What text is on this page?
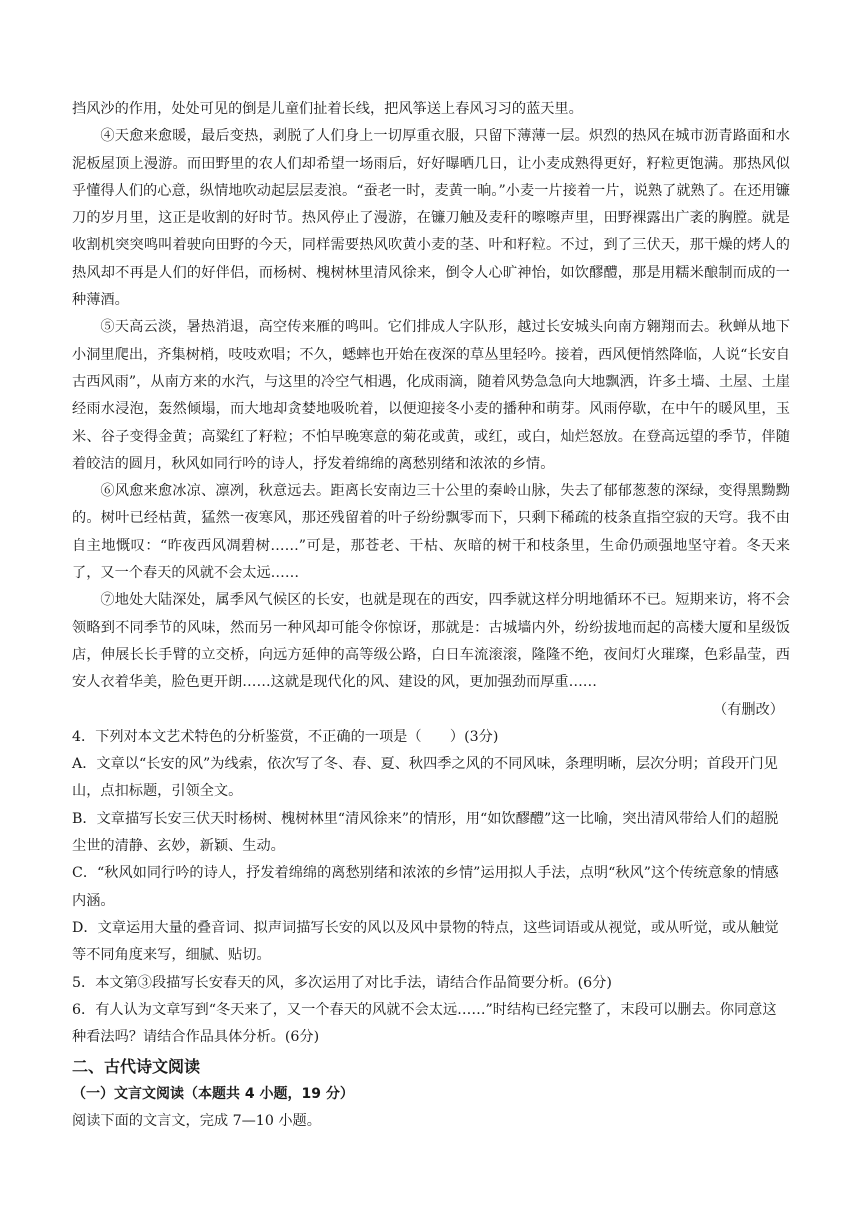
挡风沙的作用，处处可见的倒是儿童们扯着长线，把风筝送上春风习习的蓝天里。

④天愈来愈暖，最后变热，剥脱了人们身上一切厚重衣服，只留下薄薄一层。炽烈的热风在城市沥青路面和水泥板屋顶上漫游。而田野里的农人们却希望一场雨后，好好曝晒几日，让小麦成熟得更好，籽粒更饱满。那热风似乎懂得人们的心意，纵情地吹动起层层麦浪。“蚕老一时，麦黄一晌。”小麦一片接着一片，说熟了就熟了。在还用镰刀的岁月里，这正是收割的好时节。热风停止了漫游，在镰刀触及麦秆的嚓嚓声里，田野裸露出广袤的胸膛。就是收割机突突鸣叫着驶向田野的今天，同样需要热风吹黄小麦的茎、叶和籽粒。不过，到了三伏天，那干燥的烤人的热风却不再是人们的好伴侣，而杨树、槐树林里清风徐来，倒令人心旷神怡，如饮醪醴，那是用糯米酿制而成的一种薄酒。

⑤天高云淡，暑热消退，高空传来雁的鸣叫。它们排成人字队形，越过长安城头向南方翱翔而去。秋蝉从地下小洞里爬出，齐集树梢，吱吱欢唱；不久，蟋蟀也开始在夜深的草丛里轻吟。接着，西风便悄然降临，人说“长安自古西风雨”，从南方来的水汽，与这里的冷空气相遇，化成雨滴，随着风势急急向大地飘洒，许多土墙、土屋、土崖经雨水浸泡，轰然倾塌，而大地却贪婪地吸吮着，以便迎接冬小麦的播种和萌芽。风雨停歇，在中午的暖风里，玉米、谷子变得金黄；高粱红了籽粒；不怕早晚寒意的菊花或黄，或红，或白，灿烂怒放。在登高远望的季节，伴随着皎洁的圆月，秋风如同行吟的诗人，抒发着绵绵的离愁别绪和浓浓的乡情。

⑥风愈来愈冰凉、凛冽，秋意远去。距离长安南边三十公里的秦岭山脉，失去了郁郁葱葱的深绿，变得黑黝黝的。树叶已经枯黄，猛然一夜寒风，那还残留着的叶子纷纷飘零而下，只剩下稀疏的枝条直指空寂的天穹。我不由自主地慨叹：“昨夜西风凋碧树……”可是，那苍老、干枯、灰暗的树干和枝条里，生命仍顽强地坚守着。冬天来了，又一个春天的风就不会太远……

⑦地处大陆深处，属季风气候区的长安，也就是现在的西安，四季就这样分明地循环不已。短期来访，将不会领略到不同季节的风味，然而另一种风却可能令你惊讶，那就是：古城墙内外，纷纷拔地而起的高楼大厦和星级饭店，伸展长长手臂的立交桥，向远方延伸的高等级公路，白日车流滚滚，隆隆不绝，夜间灯火璀璨，色彩晶莹，西安人衣着华美，脸色更开朗……这就是现代化的风、建设的风，更加强劲而厚重……

（有删改）

4．下列对本文艺术特色的分析鉴赏，不正确的一项是（　　）(3分)

A．文章以“长安的风”为线索，依次写了冬、春、夏、秋四季之风的不同风味，条理明晰，层次分明；首段开门见山，点扣标题，引领全文。

B．文章描写长安三伏天时杨树、槐树林里“清风徐来”的情形，用“如饮醪醴”这一比喻，突出清风带给人们的超脱尘世的清静、玄妙，新颖、生动。

C．“秋风如同行吟的诗人，抒发着绵绵的离愁别绪和浓浓的乡情”运用拟人手法，点明“秋风”这个传统意象的情感内涵。

D．文章运用大量的叠音词、拟声词描写长安的风以及风中景物的特点，这些词语或从视觉，或从听觉，或从触觉等不同角度来写，细腻、贴切。

5．本文第③段描写长安春天的风，多次运用了对比手法，请结合作品简要分析。(6分)

6．有人认为文章写到“冬天来了，又一个春天的风就不会太远……”时结构已经完整了，末段可以删去。你同意这种看法吗？请结合作品具体分析。(6分)

二、古代诗文阅读

（一）文言文阅读（本题共 4 小题，19 分）

阅读下面的文言文，完成 7—10 小题。
